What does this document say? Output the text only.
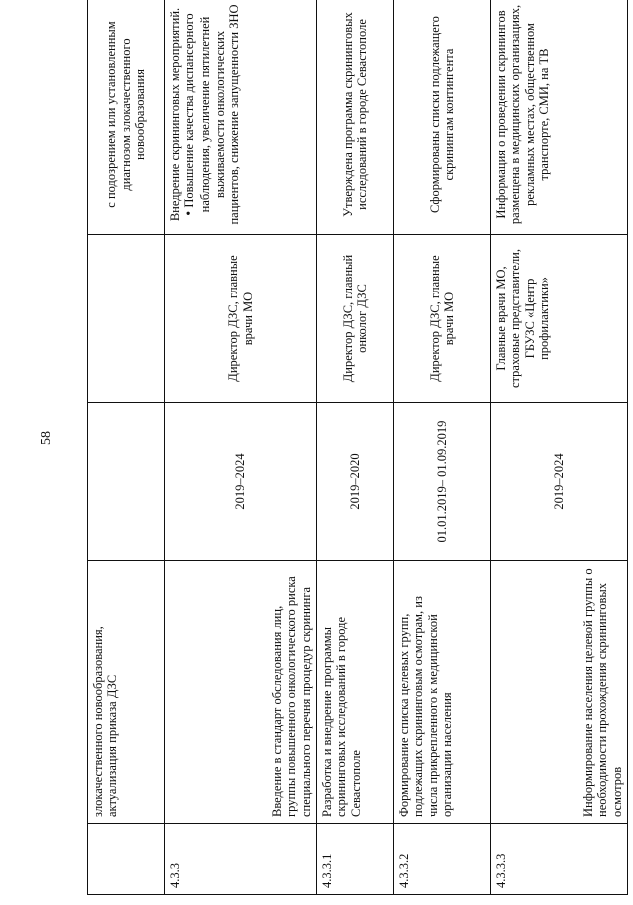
58
	злокачественного новообразования, актуализация приказа ДЗС			с подозрением или установленным диагнозом злокачественного новообразования
4.3.3	Введение в стандарт обследования лиц, группы повышенного онкологического риска специального перечня процедур скрининга	2019–2024	Директор ДЗС, главные врачи МО	Внедрение скрининговых мероприятий. • Повышение качества диспансерного наблюдения, увеличение пятилетней выживаемости онкологических пациентов, снижение запущенности ЗНО

4.3.3.1	Разработка и внедрение программы скрининговых исследований в городе Севастополе	2019–2020	Директор ДЗС, главный онколог ДЗС	Утверждена программа скрининговых исследований в городе Севастополе
4.3.3.2	Формирование списка целевых групп, подлежащих скрининговым осмотрам, из числа прикрепленного к медицинской организации населения	01.01.2019– 01.09.2019	Директор ДЗС, главные врачи МО	Сформированы списки подлежащего скринингам контингента
4.3.3.3	Информирование населения целевой группы о необходимости прохождения скрининговых осмотров	2019–2024	Главные врачи МО, страховые представители, ГБУЗС «Центр профилактики»	Информация о проведении скринингов размещена в медицинских организациях, рекламных местах, общественном транспорте, СМИ, на ТВ
